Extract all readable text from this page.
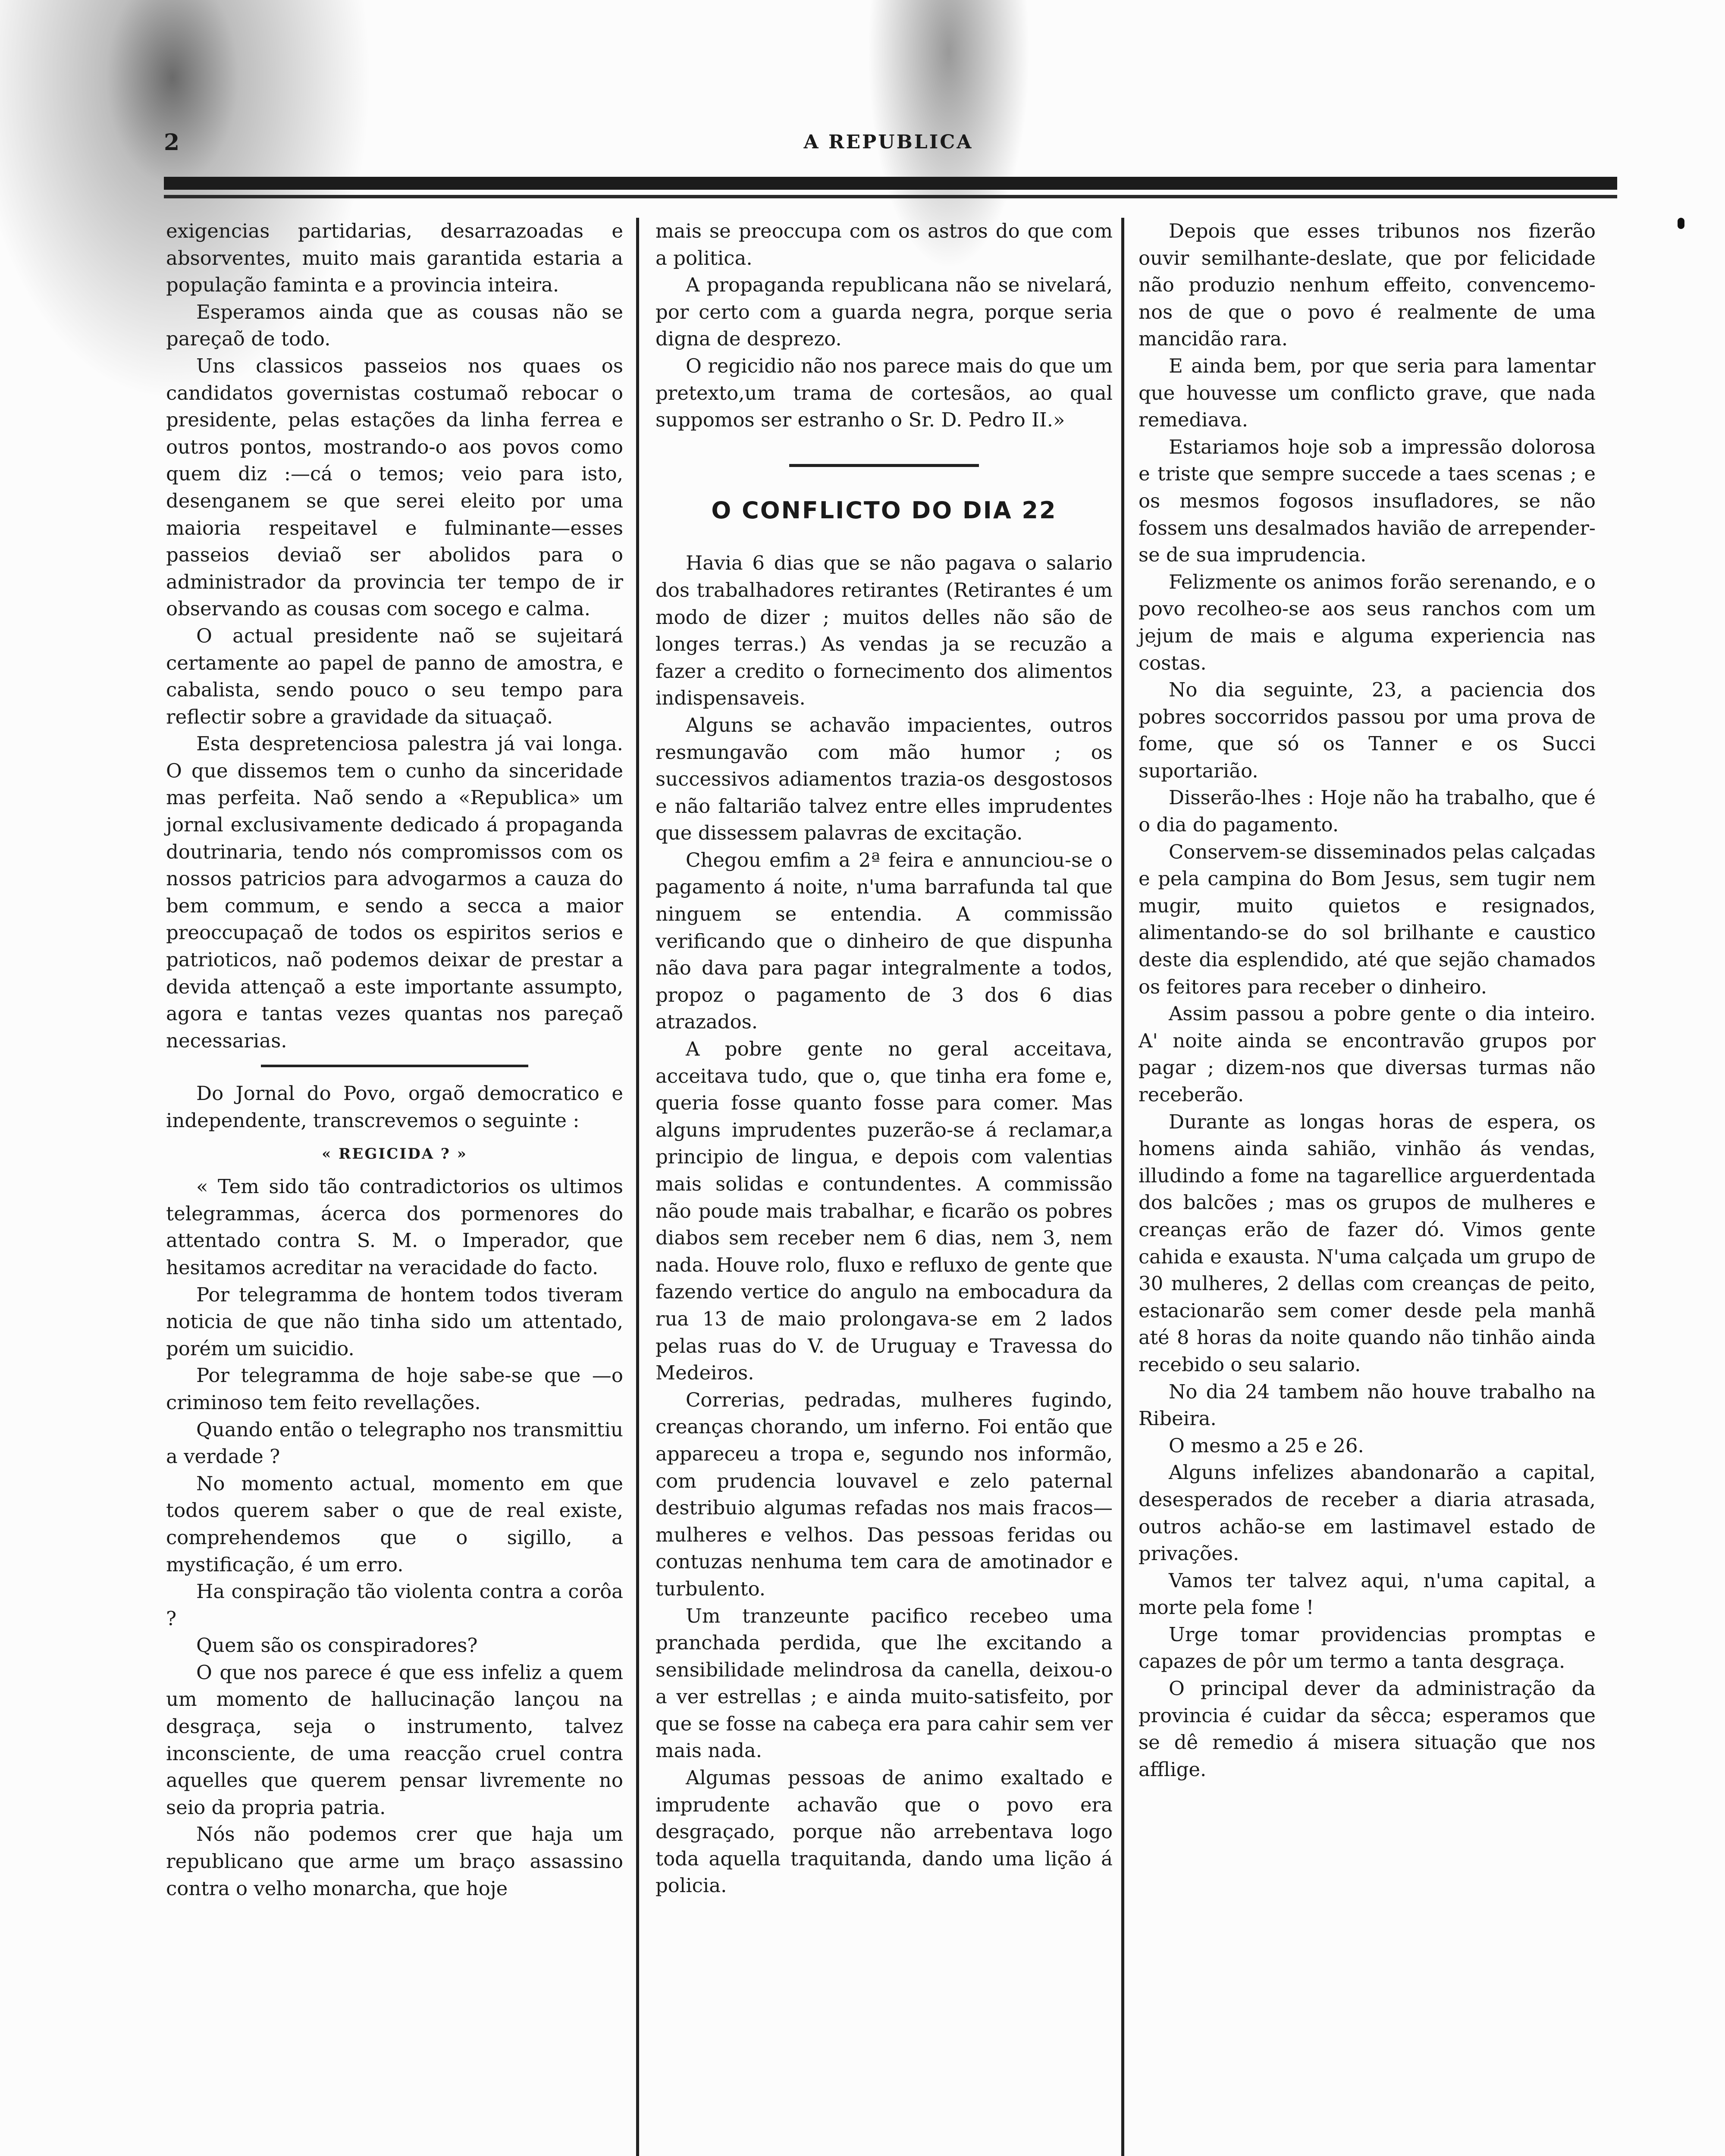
2	A REPUBLICA

exigencias partidarias, desarrazoadas e absorventes, muito mais garantida estaria a população faminta e a provincia inteira.

Esperamos ainda que as cousas não se pareçaõ de todo.

Uns classicos passeios nos quaes os candidatos governistas costumaõ rebocar o presidente, pelas estações da linha ferrea e outros pontos, mostrando-o aos povos como quem diz :—cá o temos; veio para isto, desenganem se que serei eleito por uma maioria respeitavel e fulminante—esses passeios deviaõ ser abolidos para o administrador da provincia ter tempo de ir observando as cousas com socego e calma.

O actual presidente naõ se sujeitará certamente ao papel de panno de amostra, e cabalista, sendo pouco o seu tempo para reflectir sobre a gravidade da situaçaõ.

Esta despretenciosa palestra já vai longa. O que dissemos tem o cunho da sinceridade mas perfeita. Naõ sendo a «Republica» um jornal exclusivamente dedicado á propaganda doutrinaria, tendo nós compromissos com os nossos patricios para advogarmos a cauza do bem commum, e sendo a secca a maior preoccupaçaõ de todos os espiritos serios e patrioticos, naõ podemos deixar de prestar a devida attençaõ a este importante assumpto, agora e tantas vezes quantas nos pareçaõ necessarias.

Do Jornal do Povo, orgaõ democratico e independente, transcrevemos o seguinte :

« REGICIDA ? »

« Tem sido tão contradictorios os ultimos telegrammas, ácerca dos pormenores do attentado contra S. M. o Imperador, que hesitamos acreditar na veracidade do facto.

Por telegramma de hontem todos tiveram noticia de que não tinha sido um attentado, porém um suicidio.

Por telegramma de hoje sabe-se que —o criminoso tem feito revellações.

Quando então o telegrapho nos transmittiu a verdade ?

No momento actual, momento em que todos querem saber o que de real existe, comprehendemos que o sigillo, a mystificação, é um erro.

Ha conspiração tão violenta contra a corôa ?

Quem são os conspiradores?

O que nos parece é que ess infeliz a quem um momento de hallucinação lançou na desgraça, seja o instrumento, talvez inconsciente, de uma reacção cruel contra aquelles que querem pensar livremente no seio da propria patria.

Nós não podemos crer que haja um republicano que arme um braço assassino contra o velho monarcha, que hoje

mais se preoccupa com os astros do que com a politica.

A propaganda republicana não se nivelará, por certo com a guarda negra, porque seria digna de desprezo.

O regicidio não nos parece mais do que um pretexto,um trama de cortesãos, ao qual suppomos ser estranho o Sr. D. Pedro II.»

O CONFLICTO DO DIA 22

Havia 6 dias que se não pagava o salario dos trabalhadores retirantes (Retirantes é um modo de dizer ; muitos delles não são de longes terras.) As vendas ja se recuzão a fazer a credito o fornecimento dos alimentos indispensaveis.

Alguns se achavão impacientes, outros resmungavão com mão humor ; os successivos adiamentos trazia-os desgostosos e não faltarião talvez entre elles imprudentes que dissessem palavras de excitação.

Chegou emfim a 2ª feira e annunciou-se o pagamento á noite, n'uma barrafunda tal que ninguem se entendia. A commissão verificando que o dinheiro de que dispunha não dava para pagar integralmente a todos, propoz o pagamento de 3 dos 6 dias atrazados.

A pobre gente no geral acceitava, acceitava tudo, que o, que tinha era fome e, queria fosse quanto fosse para comer. Mas alguns imprudentes puzerão-se á reclamar,a principio de lingua, e depois com valentias mais solidas e contundentes. A commissão não poude mais trabalhar, e ficarão os pobres diabos sem receber nem 6 dias, nem 3, nem nada. Houve rolo, fluxo e refluxo de gente que fazendo vertice do angulo na embocadura da rua 13 de maio prolongava-se em 2 lados pelas ruas do V. de Uruguay e Travessa do Medeiros.

Correrias, pedradas, mulheres fugindo, creanças chorando, um inferno. Foi então que appareceu a tropa e, segundo nos informão, com prudencia louvavel e zelo paternal destribuio algumas refadas nos mais fracos—mulheres e velhos. Das pessoas feridas ou contuzas nenhuma tem cara de amotinador e turbulento.

Um tranzeunte pacifico recebeo uma pranchada perdida, que lhe excitando a sensibilidade melindrosa da canella, deixou-o a ver estrellas ; e ainda muito-satisfeito, por que se fosse na cabeça era para cahir sem ver mais nada.

Algumas pessoas de animo exaltado e imprudente achavão que o povo era desgraçado, porque não arrebentava logo toda aquella traquitanda, dando uma lição á policia.

Depois que esses tribunos nos fizerão ouvir semilhante-deslate, que por felicidade não produzio nenhum effeito, convencemo-nos de que o povo é realmente de uma mancidão rara.

E ainda bem, por que seria para lamentar que houvesse um conflicto grave, que nada remediava.

Estariamos hoje sob a impressão dolorosa e triste que sempre succede a taes scenas ; e os mesmos fogosos insufladores, se não fossem uns desalmados havião de arrepender-se de sua imprudencia.

Felizmente os animos forão serenando, e o povo recolheo-se aos seus ranchos com um jejum de mais e alguma experiencia nas costas.

No dia seguinte, 23, a paciencia dos pobres soccorridos passou por uma prova de fome, que só os Tanner e os Succi suportarião.

Disserão-lhes : Hoje não ha trabalho, que é o dia do pagamento.

Conservem-se disseminados pelas calçadas e pela campina do Bom Jesus, sem tugir nem mugir, muito quietos e resignados, alimentando-se do sol brilhante e caustico deste dia esplendido, até que sejão chamados os feitores para receber o dinheiro.

Assim passou a pobre gente o dia inteiro. A' noite ainda se encontravão grupos por pagar ; dizem-nos que diversas turmas não receberão.

Durante as longas horas de espera, os homens ainda sahião, vinhão ás vendas, illudindo a fome na tagarellice arguerdentada dos balcões ; mas os grupos de mulheres e creanças erão de fazer dó. Vimos gente cahida e exausta. N'uma calçada um grupo de 30 mulheres, 2 dellas com creanças de peito, estacionarão sem comer desde pela manhã até 8 horas da noite quando não tinhão ainda recebido o seu salario.

No dia 24 tambem não houve trabalho na Ribeira.

O mesmo a 25 e 26.

Alguns infelizes abandonarão a capital, desesperados de receber a diaria atrasada, outros achão-se em lastimavel estado de privações.

Vamos ter talvez aqui, n'uma capital, a morte pela fome !

Urge tomar providencias promptas e capazes de pôr um termo a tanta desgraça.

O principal dever da administração da provincia é cuidar da sêcca; esperamos que se dê remedio á misera situação que nos afflige.
